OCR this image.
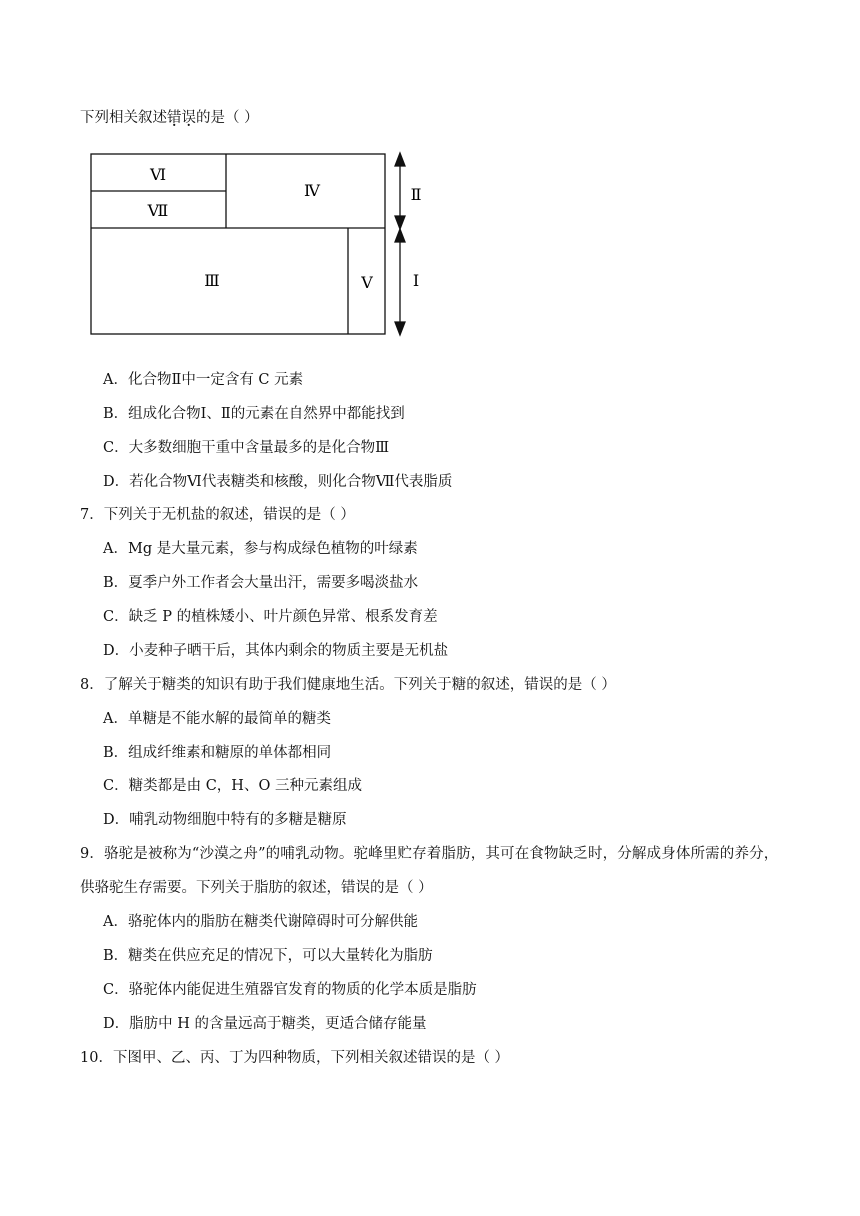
下列相关叙述错误的是（ ）
Ⅵ
Ⅶ
Ⅳ
Ⅲ	Ⅴ
Ⅱ
Ⅰ
A．化合物Ⅱ中一定含有 C 元素
B．组成化合物Ⅰ、Ⅱ的元素在自然界中都能找到
C．大多数细胞干重中含量最多的是化合物Ⅲ
D．若化合物Ⅵ代表糖类和核酸，则化合物Ⅶ代表脂质
7．下列关于无机盐的叙述，错误的是（ ）
A．Mg 是大量元素，参与构成绿色植物的叶绿素
B．夏季户外工作者会大量出汗，需要多喝淡盐水
C．缺乏 P 的植株矮小、叶片颜色异常、根系发育差
D．小麦种子晒干后，其体内剩余的物质主要是无机盐
8．了解关于糖类的知识有助于我们健康地生活。下列关于糖的叙述，错误的是（ ）
A．单糖是不能水解的最简单的糖类
B．组成纤维素和糖原的单体都相同
C．糖类都是由 C，H、O 三种元素组成
D．哺乳动物细胞中特有的多糖是糖原
9．骆驼是被称为“沙漠之舟”的哺乳动物。驼峰里贮存着脂肪，其可在食物缺乏时，分解成身体所需的养分，
供骆驼生存需要。下列关于脂肪的叙述，错误的是（ ）
A．骆驼体内的脂肪在糖类代谢障碍时可分解供能
B．糖类在供应充足的情况下，可以大量转化为脂肪
C．骆驼体内能促进生殖器官发育的物质的化学本质是脂肪
D．脂肪中 H 的含量远高于糖类，更适合储存能量
10．下图甲、乙、丙、丁为四种物质，下列相关叙述错误的是（ ）
